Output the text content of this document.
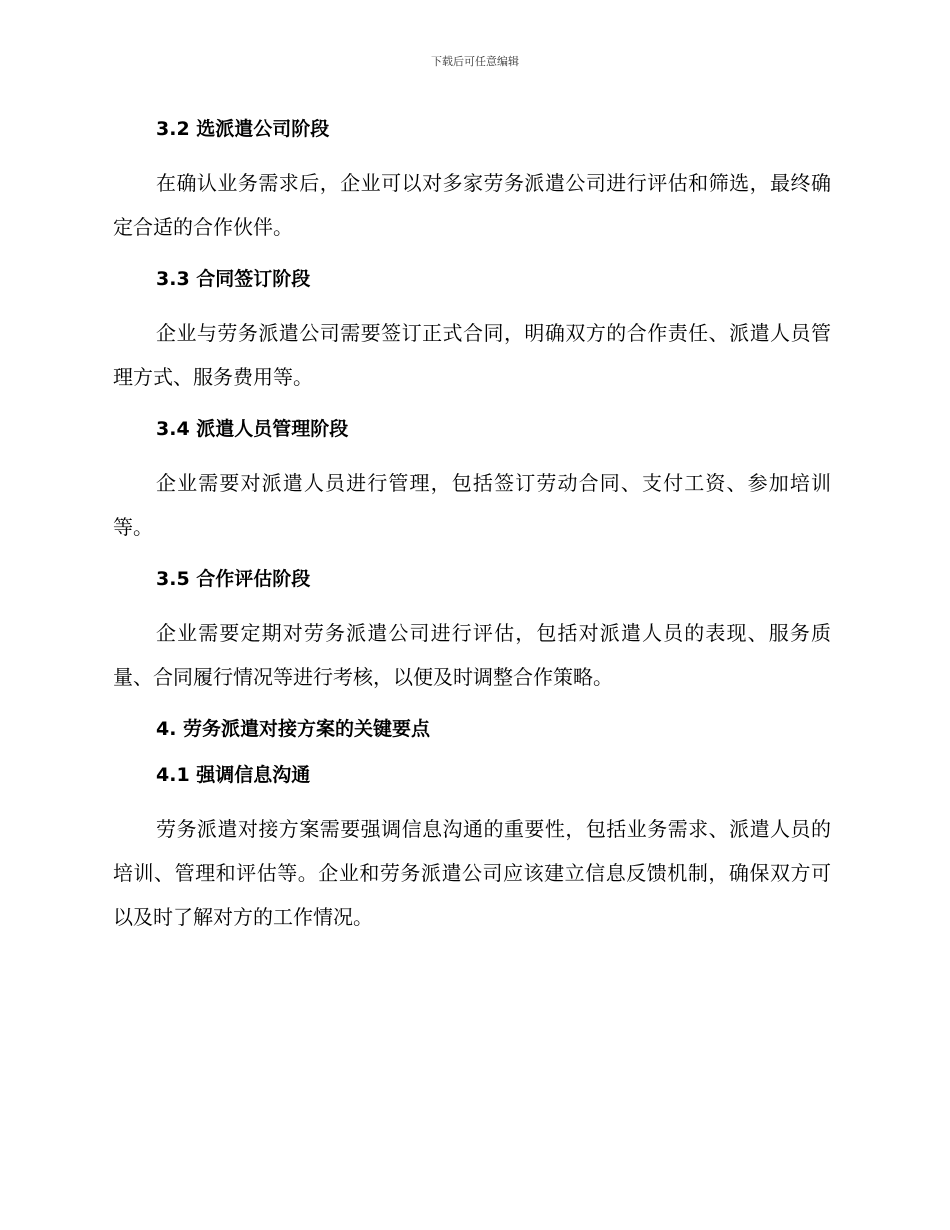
下载后可任意编辑
3.2 选派遣公司阶段

在确认业务需求后，企业可以对多家劳务派遣公司进行评估和筛选，最终确定合适的合作伙伴。

3.3 合同签订阶段

企业与劳务派遣公司需要签订正式合同，明确双方的合作责任、派遣人员管理方式、服务费用等。

3.4 派遣人员管理阶段

企业需要对派遣人员进行管理，包括签订劳动合同、支付工资、参加培训等。

3.5 合作评估阶段

企业需要定期对劳务派遣公司进行评估，包括对派遣人员的表现、服务质量、合同履行情况等进行考核，以便及时调整合作策略。

4. 劳务派遣对接方案的关键要点
4.1 强调信息沟通

劳务派遣对接方案需要强调信息沟通的重要性，包括业务需求、派遣人员的培训、管理和评估等。企业和劳务派遣公司应该建立信息反馈机制，确保双方可以及时了解对方的工作情况。
